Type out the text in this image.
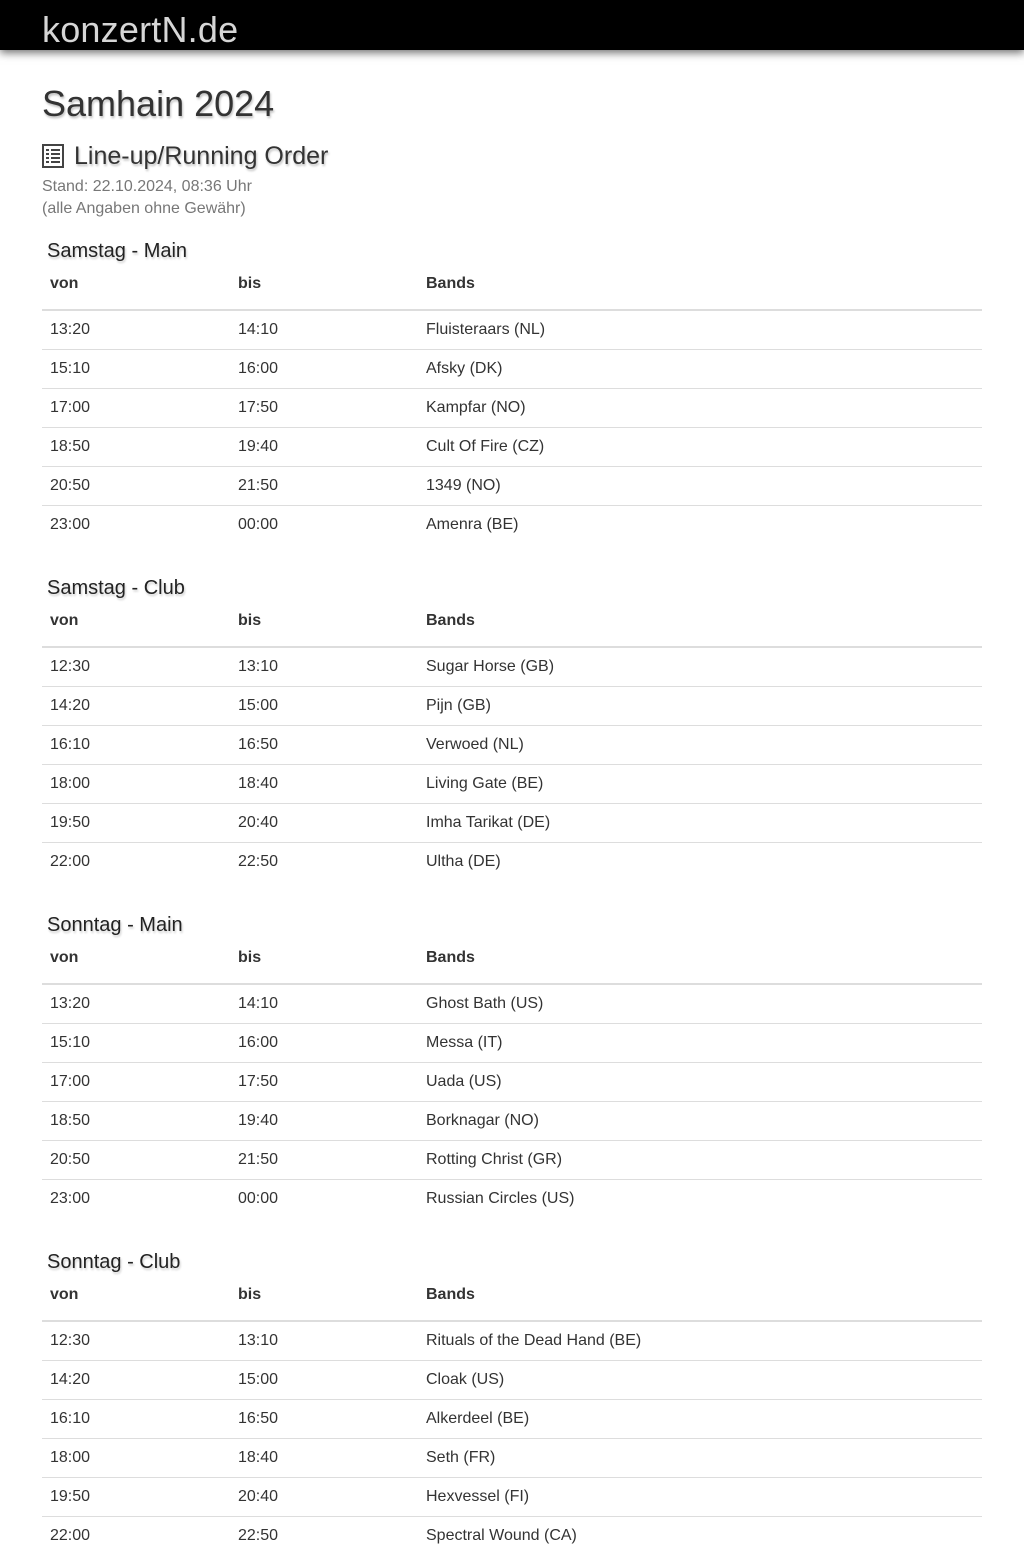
konzertN.de
Samhain 2024
Line-up/Running Order
Stand: 22.10.2024, 08:36 Uhr
(alle Angaben ohne Gewähr)
Samstag - Main
von	bis	Bands
13:20	14:10	Fluisteraars (NL)
15:10	16:00	Afsky (DK)
17:00	17:50	Kampfar (NO)
18:50	19:40	Cult Of Fire (CZ)
20:50	21:50	1349 (NO)
23:00	00:00	Amenra (BE)
Samstag - Club
von	bis	Bands
12:30	13:10	Sugar Horse (GB)
14:20	15:00	Pijn (GB)
16:10	16:50	Verwoed (NL)
18:00	18:40	Living Gate (BE)
19:50	20:40	Imha Tarikat (DE)
22:00	22:50	Ultha (DE)
Sonntag - Main
von	bis	Bands
13:20	14:10	Ghost Bath (US)
15:10	16:00	Messa (IT)
17:00	17:50	Uada (US)
18:50	19:40	Borknagar (NO)
20:50	21:50	Rotting Christ (GR)
23:00	00:00	Russian Circles (US)
Sonntag - Club
von	bis	Bands
12:30	13:10	Rituals of the Dead Hand (BE)
14:20	15:00	Cloak (US)
16:10	16:50	Alkerdeel (BE)
18:00	18:40	Seth (FR)
19:50	20:40	Hexvessel (FI)
22:00	22:50	Spectral Wound (CA)
